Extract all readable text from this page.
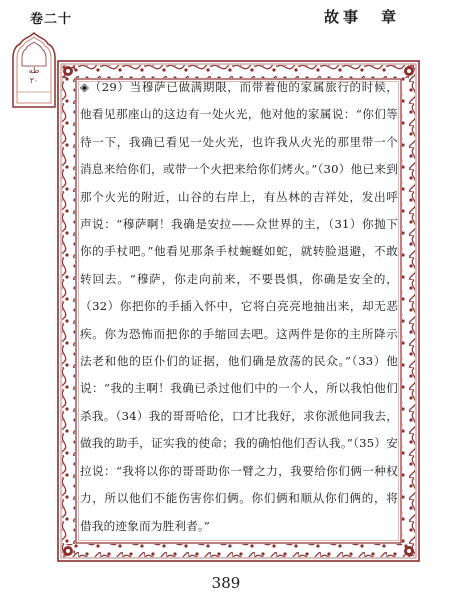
卷二十	故事　章
طه
٢٠	◈（29）当穆萨已做满期限，而带着他的家属旅行的时候，他看见那座山的这边有一处火光，他对他的家属说：“你们等待一下，我确已看见一处火光，也许我从火光的那里带一个消息来给你们，或带一个火把来给你们烤火。”（30）他已来到那个火光的附近，山谷的右岸上，有丛林的吉祥处，发出呼声说：“穆萨啊！我确是安拉——众世界的主，（31）你抛下你的手杖吧。”他看见那条手杖蜿蜒如蛇，就转脸退避，不敢转回去。“穆萨，你走向前来，不要畏惧，你确是安全的，（32）你把你的手插入怀中，它将白亮亮地抽出来，却无恶疾。你为恐怖而把你的手缩回去吧。这两件是你的主所降示法老和他的臣仆们的证据，他们确是放荡的民众。”（33）他说：“我的主啊！我确已杀过他们中的一个人，所以我怕他们杀我。（34）我的哥哥哈伦，口才比我好，求你派他同我去，做我的助手，证实我的使命；我的确怕他们否认我。”（35）安拉说：“我将以你的哥哥助你一臂之力，我要给你们俩一种权力，所以他们不能伤害你们俩。你们俩和顺从你们俩的，将借我的迹象而为胜利者。”

389
